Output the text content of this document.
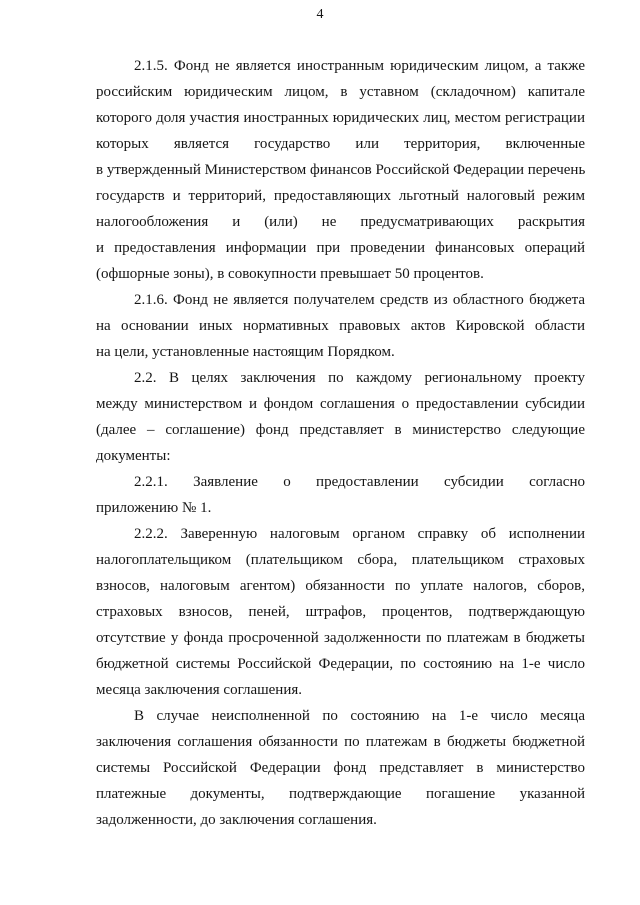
4
2.1.5. Фонд не является иностранным юридическим лицом, а также
российским юридическим лицом, в уставном (складочном) капитале
которого доля участия иностранных юридических лиц, местом регистрации
которых является государство или территория, включенные
в утвержденный Министерством финансов Российской Федерации перечень
государств и территорий, предоставляющих льготный налоговый режим
налогообложения и (или) не предусматривающих раскрытия
и предоставления информации при проведении финансовых операций
(офшорные зоны), в совокупности превышает 50 процентов.
2.1.6. Фонд не является получателем средств из областного бюджета
на основании иных нормативных правовых актов Кировской области
на цели, установленные настоящим Порядком.
2.2. В целях заключения по каждому региональному проекту
между министерством и фондом соглашения о предоставлении субсидии
(далее – соглашение) фонд представляет в министерство следующие
документы:
2.2.1. Заявление о предоставлении субсидии согласно
приложению № 1.
2.2.2. Заверенную налоговым органом справку об исполнении
налогоплательщиком (плательщиком сбора, плательщиком страховых
взносов, налоговым агентом) обязанности по уплате налогов, сборов,
страховых взносов, пеней, штрафов, процентов, подтверждающую
отсутствие у фонда просроченной задолженности по платежам в бюджеты
бюджетной системы Российской Федерации, по состоянию на 1-е число
месяца заключения соглашения.
В случае неисполненной по состоянию на 1-е число месяца
заключения соглашения обязанности по платежам в бюджеты бюджетной
системы Российской Федерации фонд представляет в министерство
платежные документы, подтверждающие погашение указанной
задолженности, до заключения соглашения.
